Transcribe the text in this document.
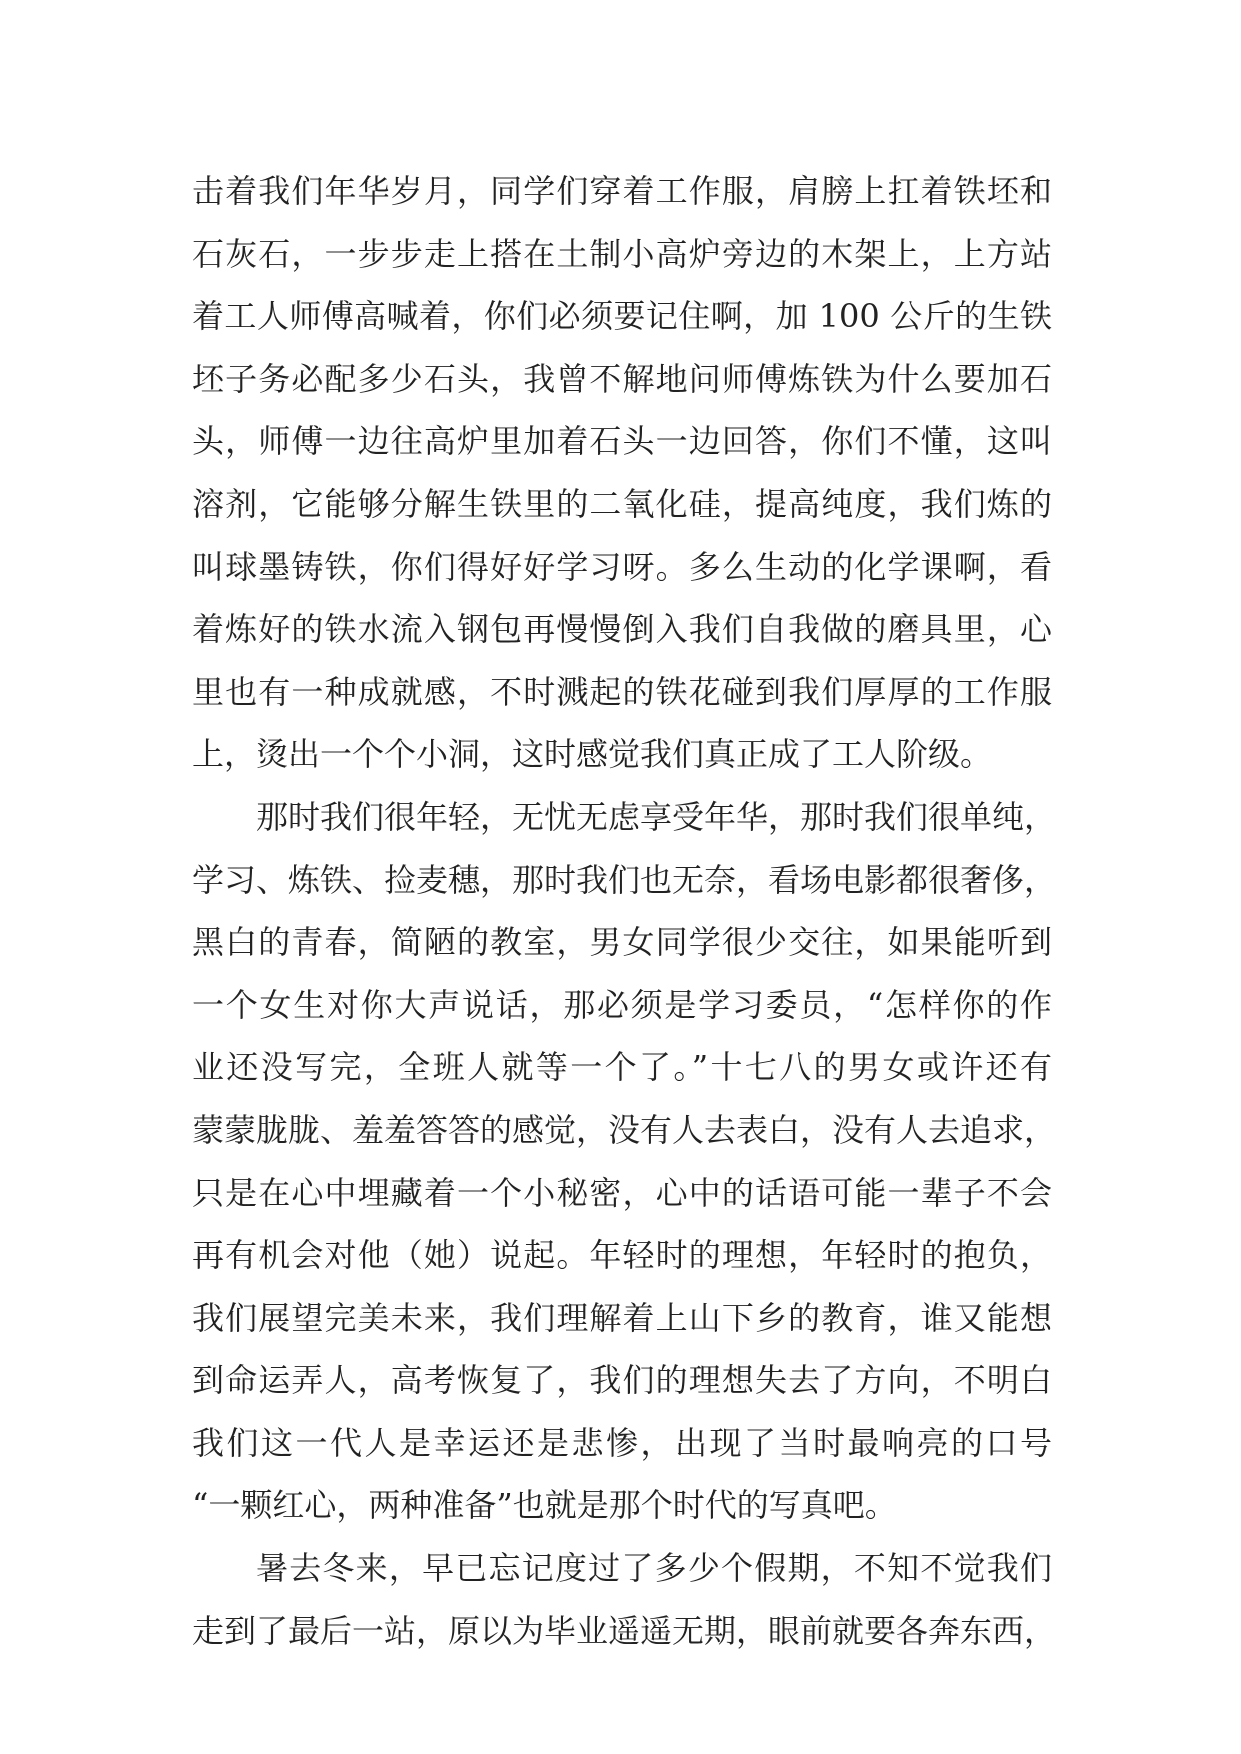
击着我们年华岁月，同学们穿着工作服，肩膀上扛着铁坯和
石灰石，一步步走上搭在土制小高炉旁边的木架上，上方站
着工人师傅高喊着，你们必须要记住啊，加 100 公斤的生铁
坯子务必配多少石头，我曾不解地问师傅炼铁为什么要加石
头，师傅一边往高炉里加着石头一边回答，你们不懂，这叫
溶剂，它能够分解生铁里的二氧化硅，提高纯度，我们炼的
叫球墨铸铁，你们得好好学习呀。多么生动的化学课啊，看
着炼好的铁水流入钢包再慢慢倒入我们自我做的磨具里，心
里也有一种成就感，不时溅起的铁花碰到我们厚厚的工作服
上，烫出一个个小洞，这时感觉我们真正成了工人阶级。
那时我们很年轻，无忧无虑享受年华，那时我们很单纯，
学习、炼铁、捡麦穗，那时我们也无奈，看场电影都很奢侈，
黑白的青春，简陋的教室，男女同学很少交往，如果能听到
一个女生对你大声说话，那必须是学习委员，“怎样你的作
业还没写完，全班人就等一个了。”十七八的男女或许还有
蒙蒙胧胧、羞羞答答的感觉，没有人去表白，没有人去追求，
只是在心中埋藏着一个小秘密，心中的话语可能一辈子不会
再有机会对他（她）说起。年轻时的理想，年轻时的抱负，
我们展望完美未来，我们理解着上山下乡的教育，谁又能想
到命运弄人，高考恢复了，我们的理想失去了方向，不明白
我们这一代人是幸运还是悲惨，出现了当时最响亮的口号
“一颗红心，两种准备”也就是那个时代的写真吧。
暑去冬来，早已忘记度过了多少个假期，不知不觉我们
走到了最后一站，原以为毕业遥遥无期，眼前就要各奔东西，
